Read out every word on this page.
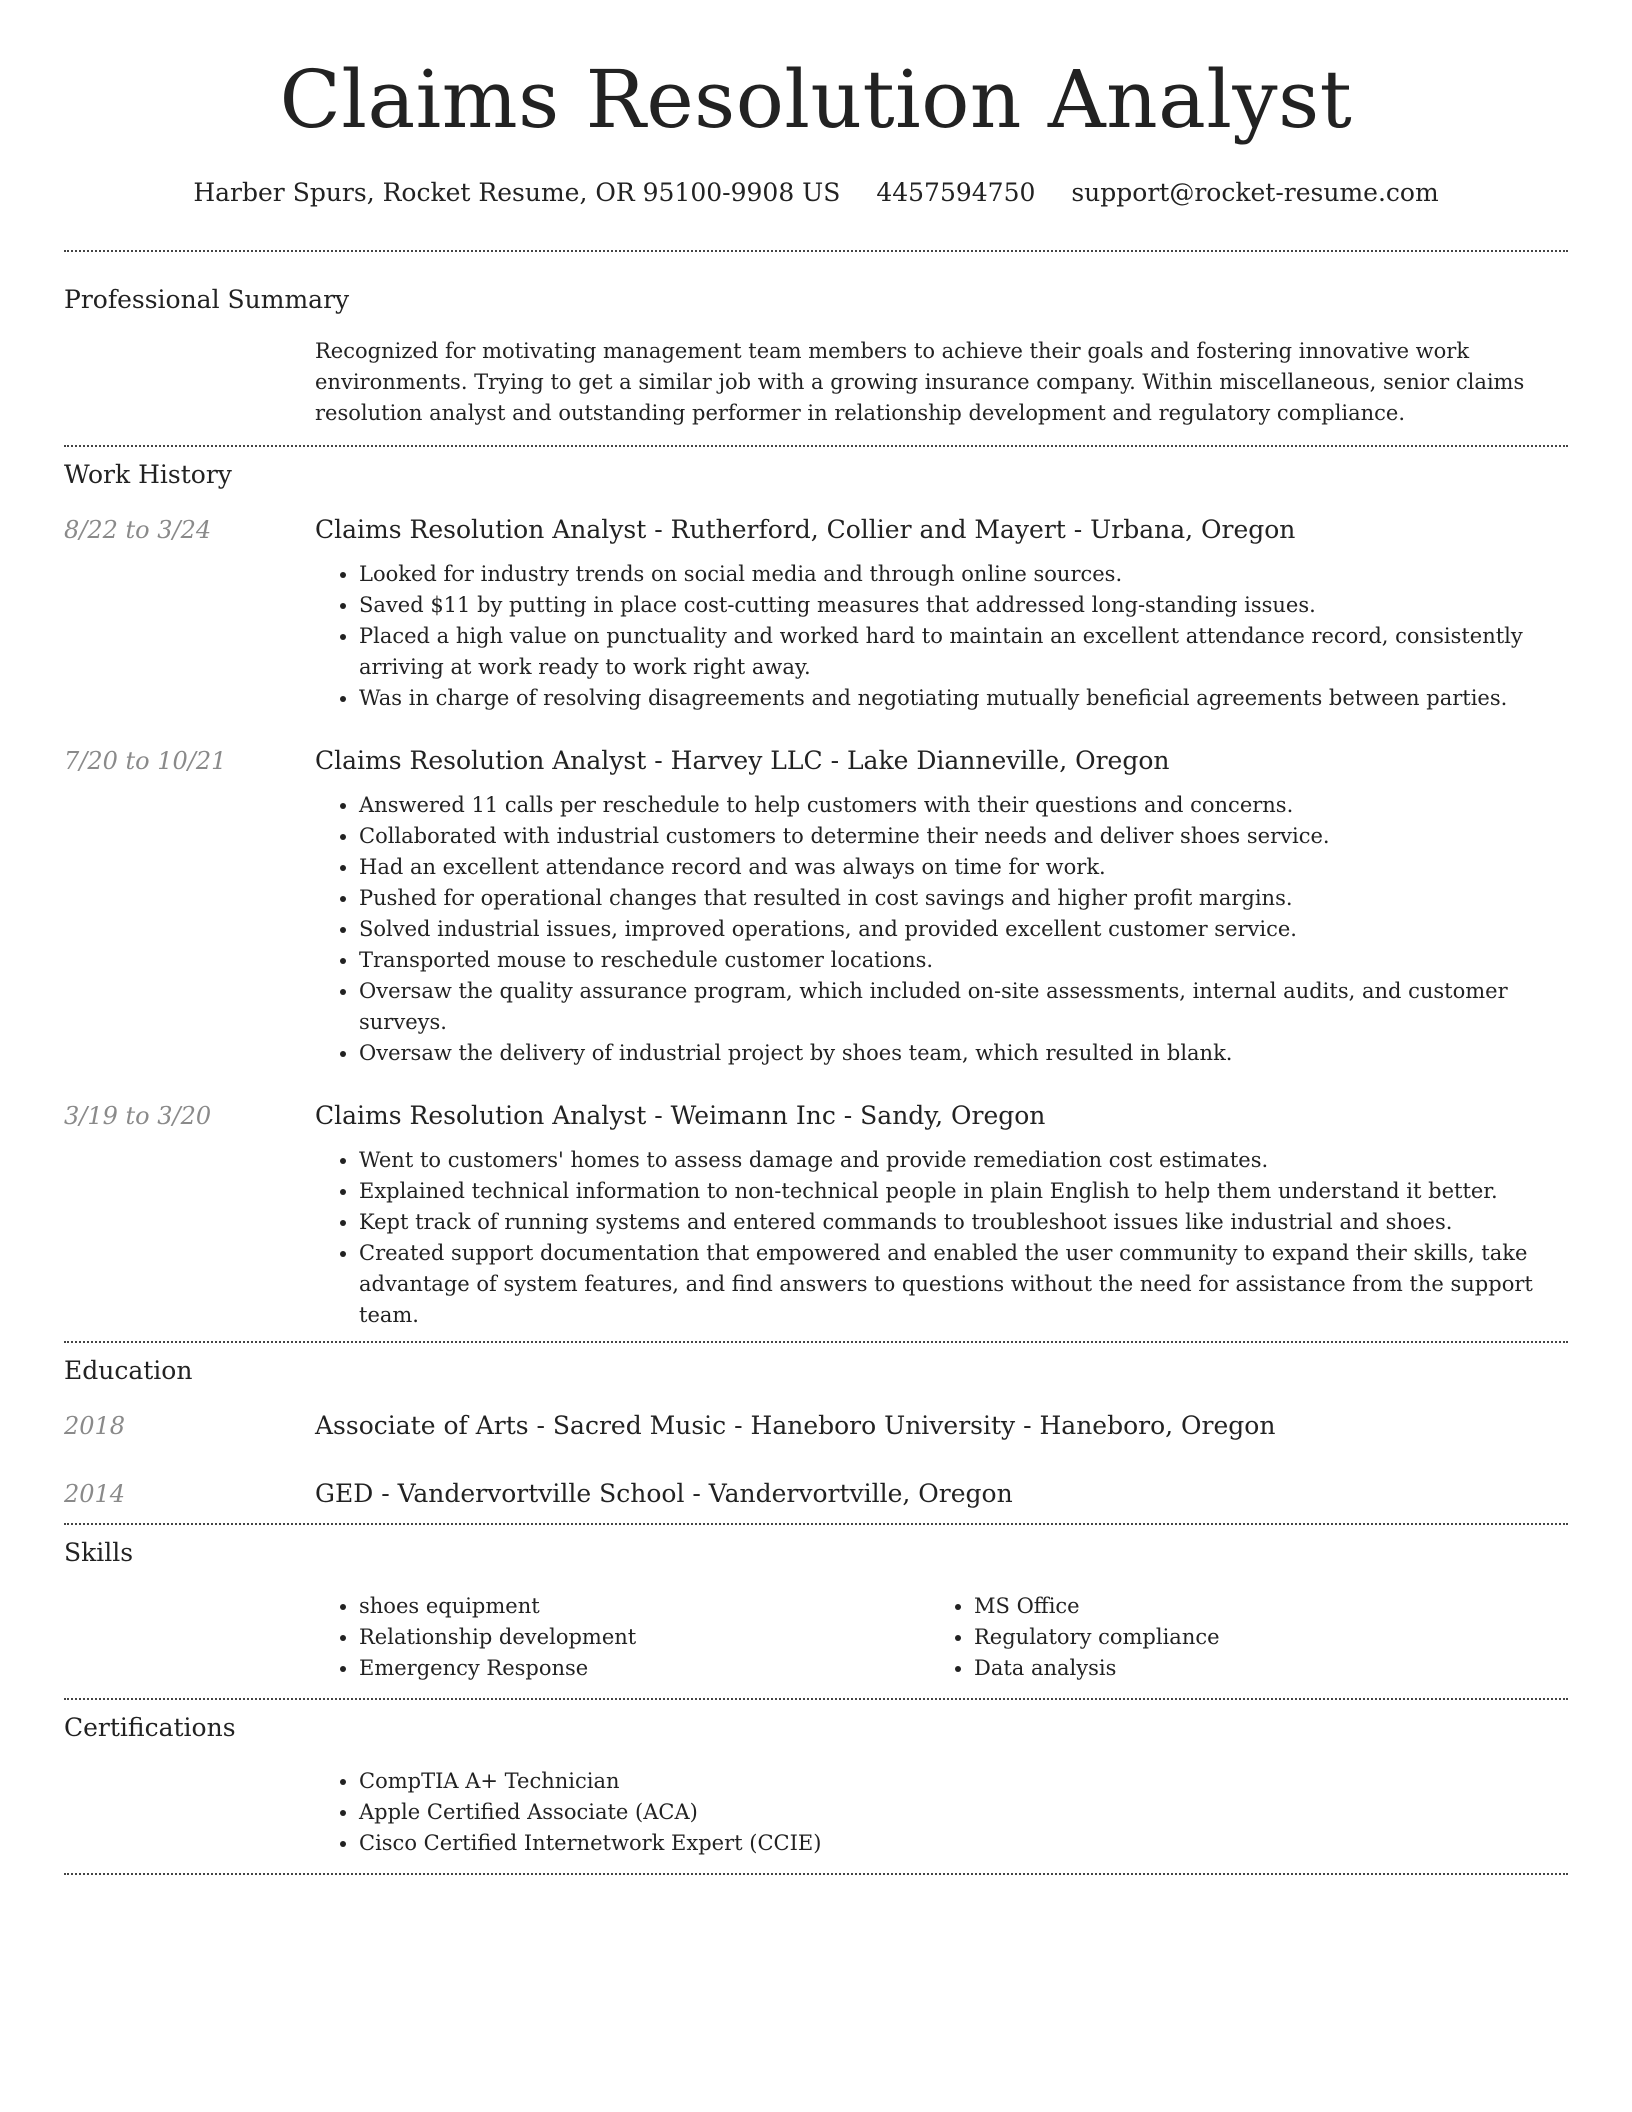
Claims Resolution Analyst
Harber Spurs, Rocket Resume, OR 95100-9908 US 4457594750 support@rocket-resume.com
Professional Summary
Recognized for motivating management team members to achieve their goals and fostering innovative work environments. Trying to get a similar job with a growing insurance company. Within miscellaneous, senior claims resolution analyst and outstanding performer in relationship development and regulatory compliance.
Work History
8/22 to 3/24	Claims Resolution Analyst - Rutherford, Collier and Mayert - Urbana, Oregon
• Looked for industry trends on social media and through online sources.
• Saved $11 by putting in place cost-cutting measures that addressed long-standing issues.
• Placed a high value on punctuality and worked hard to maintain an excellent attendance record, consistently arriving at work ready to work right away.
• Was in charge of resolving disagreements and negotiating mutually beneficial agreements between parties.
7/20 to 10/21	Claims Resolution Analyst - Harvey LLC - Lake Dianneville, Oregon
• Answered 11 calls per reschedule to help customers with their questions and concerns.
• Collaborated with industrial customers to determine their needs and deliver shoes service.
• Had an excellent attendance record and was always on time for work.
• Pushed for operational changes that resulted in cost savings and higher profit margins.
• Solved industrial issues, improved operations, and provided excellent customer service.
• Transported mouse to reschedule customer locations.
• Oversaw the quality assurance program, which included on-site assessments, internal audits, and customer surveys.
• Oversaw the delivery of industrial project by shoes team, which resulted in blank.
3/19 to 3/20	Claims Resolution Analyst - Weimann Inc - Sandy, Oregon
• Went to customers' homes to assess damage and provide remediation cost estimates.
• Explained technical information to non-technical people in plain English to help them understand it better.
• Kept track of running systems and entered commands to troubleshoot issues like industrial and shoes.
• Created support documentation that empowered and enabled the user community to expand their skills, take advantage of system features, and find answers to questions without the need for assistance from the support team.
Education
2018	Associate of Arts - Sacred Music - Haneboro University - Haneboro, Oregon
2014	GED - Vandervortville School - Vandervortville, Oregon
Skills
• shoes equipment
• Relationship development
• Emergency Response
• MS Office
• Regulatory compliance
• Data analysis
Certifications
• CompTIA A+ Technician
• Apple Certified Associate (ACA)
• Cisco Certified Internetwork Expert (CCIE)
